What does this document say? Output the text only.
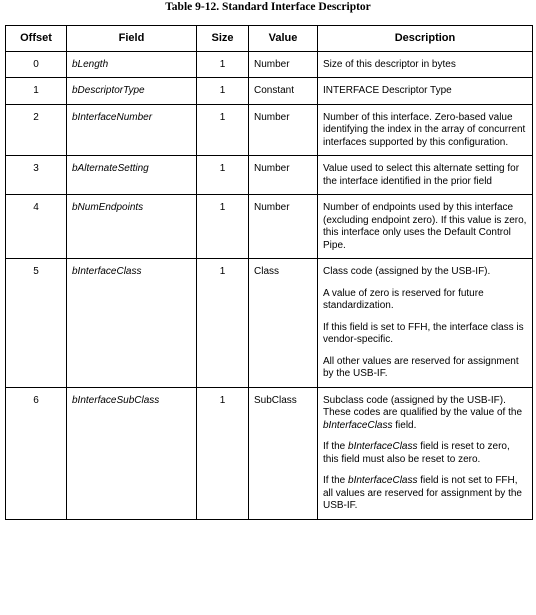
Table 9-12. Standard Interface Descriptor
Offset	Field	Size	Value	Description
0	bLength	1	Number	Size of this descriptor in bytes

1	bDescriptorType	1	Constant	INTERFACE Descriptor Type

2	bInterfaceNumber	1	Number	Number of this interface. Zero-based value identifying the index in the array of concurrent interfaces supported by this configuration.

3	bAlternateSetting	1	Number	Value used to select this alternate setting for the interface identified in the prior field

4	bNumEndpoints	1	Number	Number of endpoints used by this interface (excluding endpoint zero). If this value is zero, this interface only uses the Default Control Pipe.

5	bInterfaceClass	1	Class	Class code (assigned by the USB-IF).

A value of zero is reserved for future standardization.

If this field is set to FFH, the interface class is vendor-specific.

All other values are reserved for assignment by the USB-IF.

6	bInterfaceSubClass	1	SubClass	Subclass code (assigned by the USB-IF). These codes are qualified by the value of the bInterfaceClass field.

If the bInterfaceClass field is reset to zero, this field must also be reset to zero.

If the bInterfaceClass field is not set to FFH, all values are reserved for assignment by the USB-IF.
